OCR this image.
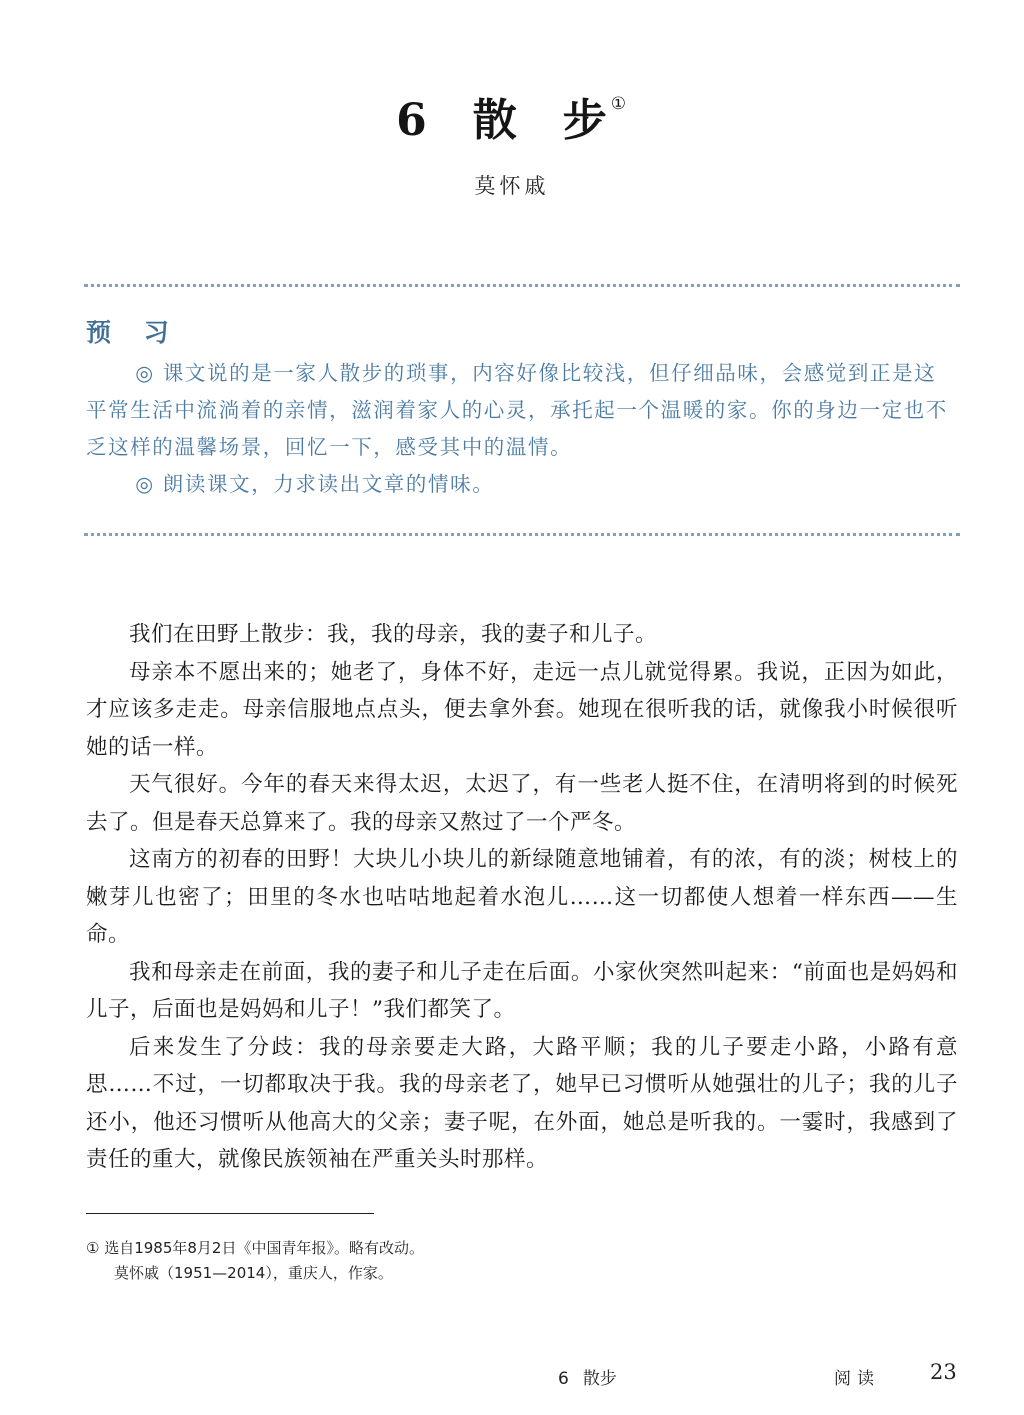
6 散 步 ①
莫怀戚
预 习
◎ 课文说的是一家人散步的琐事，内容好像比较浅，但仔细品味，会感觉到正是这平常生活中流淌着的亲情，滋润着家人的心灵，承托起一个温暖的家。你的身边一定也不乏这样的温馨场景，回忆一下，感受其中的温情。
◎ 朗读课文，力求读出文章的情味。

我们在田野上散步：我，我的母亲，我的妻子和儿子。

母亲本不愿出来的；她老了，身体不好，走远一点儿就觉得累。我说，正因为如此，才应该多走走。母亲信服地点点头，便去拿外套。她现在很听我的话，就像我小时候很听她的话一样。

天气很好。今年的春天来得太迟，太迟了，有一些老人挺不住，在清明将到的时候死去了。但是春天总算来了。我的母亲又熬过了一个严冬。

这南方的初春的田野！大块儿小块儿的新绿随意地铺着，有的浓，有的淡；树枝上的嫩芽儿也密了；田里的冬水也咕咕地起着水泡儿……这一切都使人想着一样东西——生命。

我和母亲走在前面，我的妻子和儿子走在后面。小家伙突然叫起来：“前面也是妈妈和儿子，后面也是妈妈和儿子！”我们都笑了。

后来发生了分歧：我的母亲要走大路，大路平顺；我的儿子要走小路，小路有意思……不过，一切都取决于我。我的母亲老了，她早已习惯听从她强壮的儿子；我的儿子还小，他还习惯听从他高大的父亲；妻子呢，在外面，她总是听我的。一霎时，我感到了责任的重大，就像民族领袖在严重关头时那样。

① 选自1985年8月2日《中国青年报》。略有改动。
莫怀戚（1951—2014），重庆人，作家。
6 散步	阅读 23
